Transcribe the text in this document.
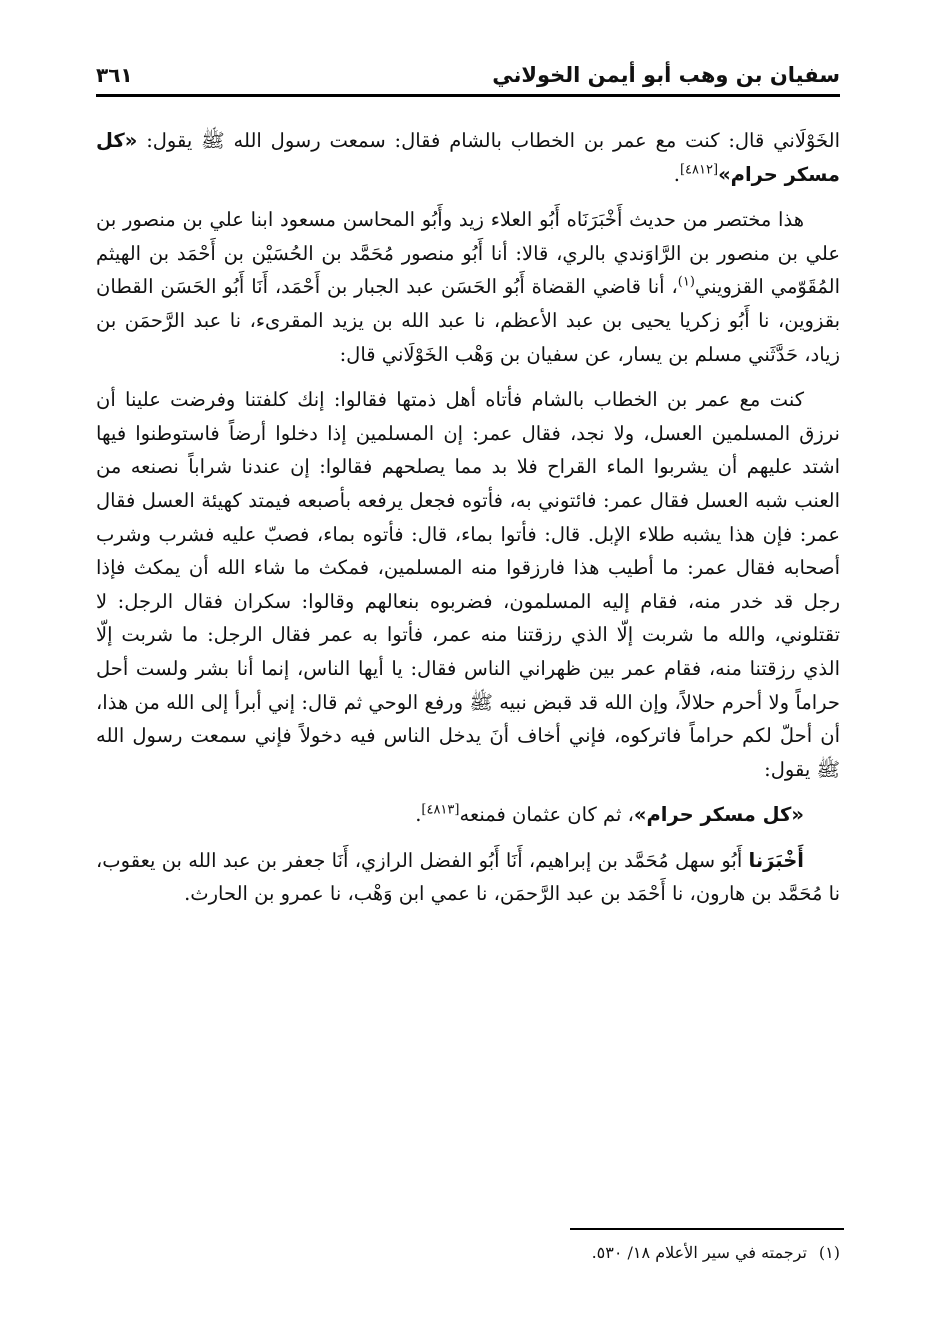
سفيان بن وهب أبو أيمن الخولاني
٣٦١

الخَوْلَاني قال: كنت مع عمر بن الخطاب بالشام فقال: سمعت رسول الله ﷺ يقول: «كل مسكر حرام»[٤٨١٢].

هذا مختصر من حديث أَخْبَرَنَاه أَبُو العلاء زيد وأَبُو المحاسن مسعود ابنا علي بن منصور بن علي بن منصور بن الرَّاوَندي بالري، قالا: أنا أَبُو منصور مُحَمَّد بن الحُسَيْن بن أَحْمَد بن الهيثم المُقَوّمي القزويني$^{(١)}$، أنا قاضي القضاة أَبُو الحَسَن عبد الجبار بن أَحْمَد، أَنَا أَبُو الحَسَن القطان بقزوين، نا أَبُو زكريا يحيى بن عبد الأعظم، نا عبد الله بن يزيد المقرىء، نا عبد الرَّحمَن بن زياد، حَدَّثَني مسلم بن يسار، عن سفيان بن وَهْب الخَوْلَاني قال:

كنت مع عمر بن الخطاب بالشام فأتاه أهل ذمتها فقالوا: إنك كلفتنا وفرضت علينا أن نرزق المسلمين العسل، ولا نجد، فقال عمر: إن المسلمين إذا دخلوا أرضاً فاستوطنوا فيها اشتد عليهم أن يشربوا الماء القراح فلا بد مما يصلحهم فقالوا: إن عندنا شراباً نصنعه من العنب شبه العسل فقال عمر: فائتوني به، فأتوه فجعل يرفعه بأصبعه فيمتد كهيئة العسل فقال عمر: فإن هذا يشبه طلاء الإبل. قال: فأتوا بماء، قال: فأتوه بماء، فصبّ عليه فشرب وشرب أصحابه فقال عمر: ما أطيب هذا فارزقوا منه المسلمين، فمكث ما شاء الله أن يمكث فإذا رجل قد خدر منه، فقام إليه المسلمون، فضربوه بنعالهم وقالوا: سكران فقال الرجل: لا تقتلوني، والله ما شربت إلّا الذي رزقتنا منه عمر، فأتوا به عمر فقال الرجل: ما شربت إلّا الذي رزقتنا منه، فقام عمر بين ظهراني الناس فقال: يا أيها الناس، إنما أنا بشر ولست أحل حراماً ولا أحرم حلالاً، وإن الله قد قبض نبيه ﷺ ورفع الوحي ثم قال: إني أبرأ إلى الله من هذا، أن أحلّ لكم حراماً فاتركوه، فإني أخاف أنَ يدخل الناس فيه دخولاً فإني سمعت رسول الله ﷺ يقول:

«كل مسكر حرام»، ثم كان عثمان فمنعه[٤٨١٣].

أَخْبَرَنا أَبُو سهل مُحَمَّد بن إبراهيم، أَنَا أَبُو الفضل الرازي، أَنَا جعفر بن عبد الله بن يعقوب، نا مُحَمَّد بن هارون، نا أَحْمَد بن عبد الرَّحمَن، نا عمي ابن وَهْب، نا عمرو بن الحارث.

(١)ترجمته في سير الأعلام ١٨/ ٥٣٠.
